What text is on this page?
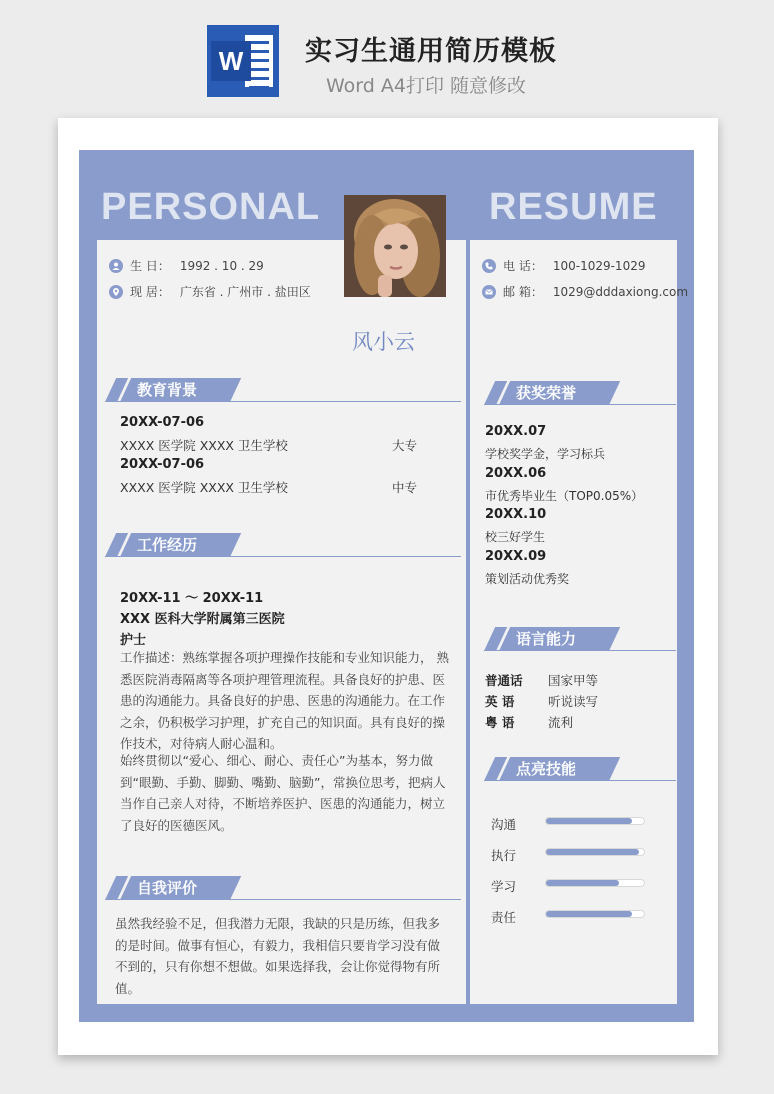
W 实习生通用简历模板
Word A4打印 随意修改
PERSONAL	RESUME
生 日： 1992 . 10 . 29
现 居： 广东省 . 广州市 . 盐田区
电 话： 100-1029-1029
邮 箱： 1029@dddaxiong.com
风小云
教育背景
20XX-07-06
XXXX 医学院 XXXX 卫生学校	大专
20XX-07-06
XXXX 医学院 XXXX 卫生学校	中专
工作经历
20XX-11 ～ 20XX-11
XXX 医科大学附属第三医院
护士
工作描述：熟练掌握各项护理操作技能和专业知识能力， 熟悉医院消毒隔离等各项护理管理流程。具备良好的护患、医患的沟通能力。具备良好的护患、医患的沟通能力。在工作之余，仍积极学习护理，扩充自己的知识面。具有良好的操作技术，对待病人耐心温和。
始终贯彻以“爱心、细心、耐心、责任心”为基本，努力做到“眼勤、手勤、脚勤、嘴勤、脑勤”，常换位思考，把病人当作自己亲人对待，不断培养医护、医患的沟通能力，树立了良好的医德医风。
自我评价
虽然我经验不足，但我潜力无限，我缺的只是历练，但我多的是时间。做事有恒心，有毅力，我相信只要肯学习没有做不到的，只有你想不想做。如果选择我，会让你觉得物有所值。
获奖荣誉
20XX.07
学校奖学金，学习标兵
20XX.06
市优秀毕业生（TOP0.05%）
20XX.10
校三好学生
20XX.09
策划活动优秀奖
语言能力
普通话 国家甲等
英 语	听说读写
粤 语	流利
点亮技能
沟通
执行
学习
责任
